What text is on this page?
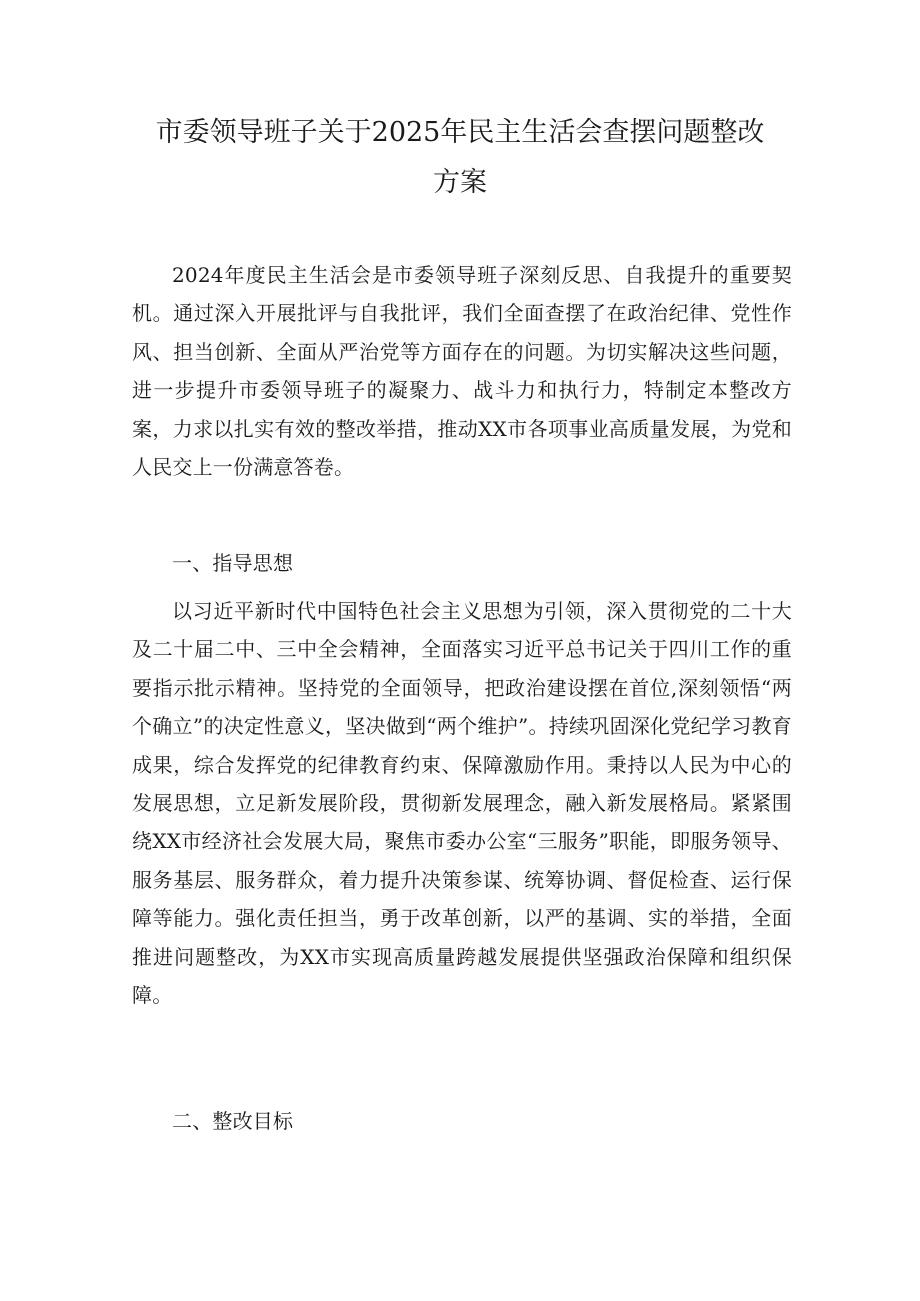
市委领导班子关于2025年民主生活会查摆问题整改
方案

2024年度民主生活会是市委领导班子深刻反思、自我提升的重要契机。通过深入开展批评与自我批评，我们全面查摆了在政治纪律、党性作风、担当创新、全面从严治党等方面存在的问题。为切实解决这些问题，进一步提升市委领导班子的凝聚力、战斗力和执行力，特制定本整改方案，力求以扎实有效的整改举措，推动XX市各项事业高质量发展，为党和人民交上一份满意答卷。

一、指导思想

以习近平新时代中国特色社会主义思想为引领，深入贯彻党的二十大及二十届二中、三中全会精神，全面落实习近平总书记关于四川工作的重要指示批示精神。坚持党的全面领导，把政治建设摆在首位,深刻领悟“两个确立”的决定性意义，坚决做到“两个维护”。持续巩固深化党纪学习教育成果，综合发挥党的纪律教育约束、保障激励作用。秉持以人民为中心的发展思想，立足新发展阶段，贯彻新发展理念，融入新发展格局。紧紧围绕XX市经济社会发展大局，聚焦市委办公室“三服务”职能，即服务领导、服务基层、服务群众，着力提升决策参谋、统筹协调、督促检查、运行保障等能力。强化责任担当，勇于改革创新，以严的基调、实的举措，全面推进问题整改，为XX市实现高质量跨越发展提供坚强政治保障和组织保障。

二、整改目标
